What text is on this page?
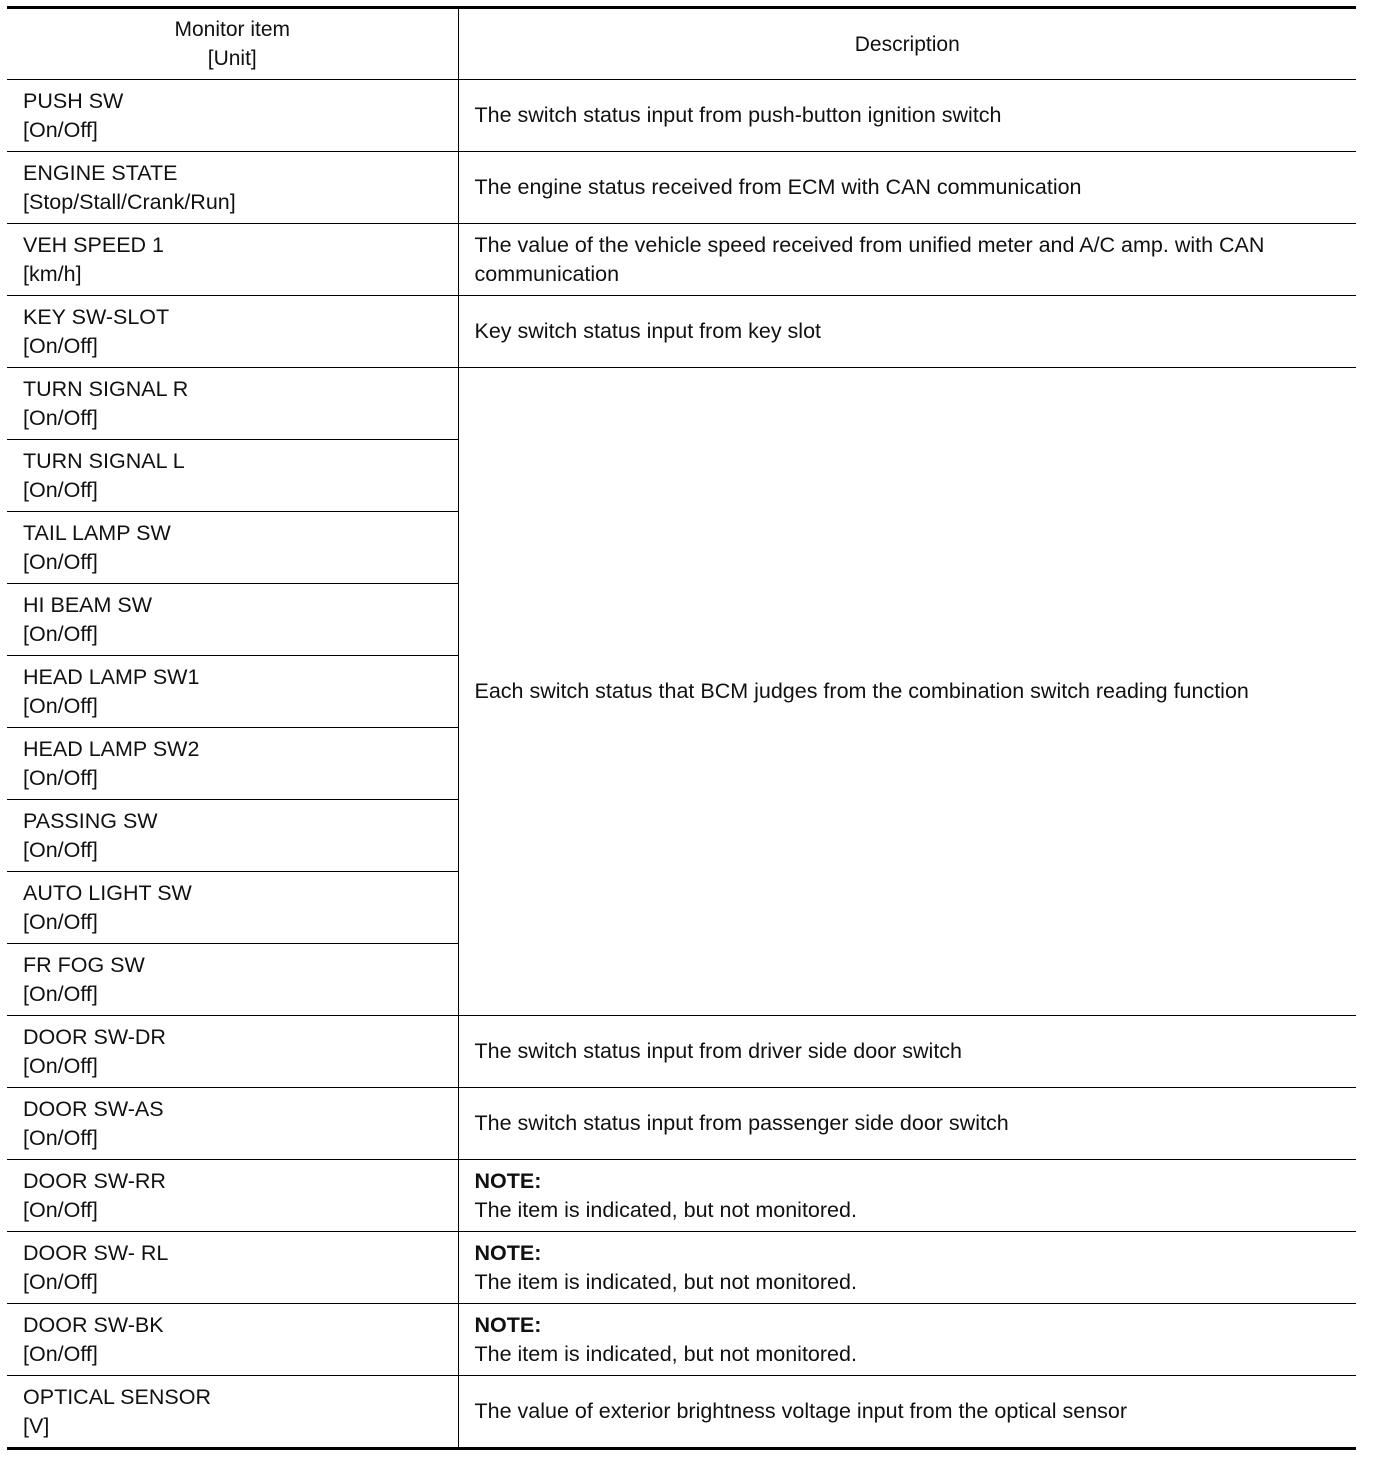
Monitor item
[Unit]	Description

PUSH SW
[On/Off]	The switch status input from push-button ignition switch

ENGINE STATE
[Stop/Stall/Crank/Run]	The engine status received from ECM with CAN communication

VEH SPEED 1
[km/h]	The value of the vehicle speed received from unified meter and A/C amp. with CAN communication

KEY SW-SLOT
[On/Off]	Key switch status input from key slot

TURN SIGNAL R
[On/Off]	Each switch status that BCM judges from the combination switch reading function

TURN SIGNAL L
[On/Off]	

TAIL LAMP SW
[On/Off]	

HI BEAM SW
[On/Off]	

HEAD LAMP SW1
[On/Off]	

HEAD LAMP SW2
[On/Off]	

PASSING SW
[On/Off]	

AUTO LIGHT SW
[On/Off]	

FR FOG SW
[On/Off]	

DOOR SW-DR
[On/Off]	The switch status input from driver side door switch

DOOR SW-AS
[On/Off]	The switch status input from passenger side door switch

DOOR SW-RR
[On/Off]	NOTE:
The item is indicated, but not monitored.

DOOR SW- RL
[On/Off]	NOTE:
The item is indicated, but not monitored.

DOOR SW-BK
[On/Off]	NOTE:
The item is indicated, but not monitored.

OPTICAL SENSOR
[V]	The value of exterior brightness voltage input from the optical sensor
